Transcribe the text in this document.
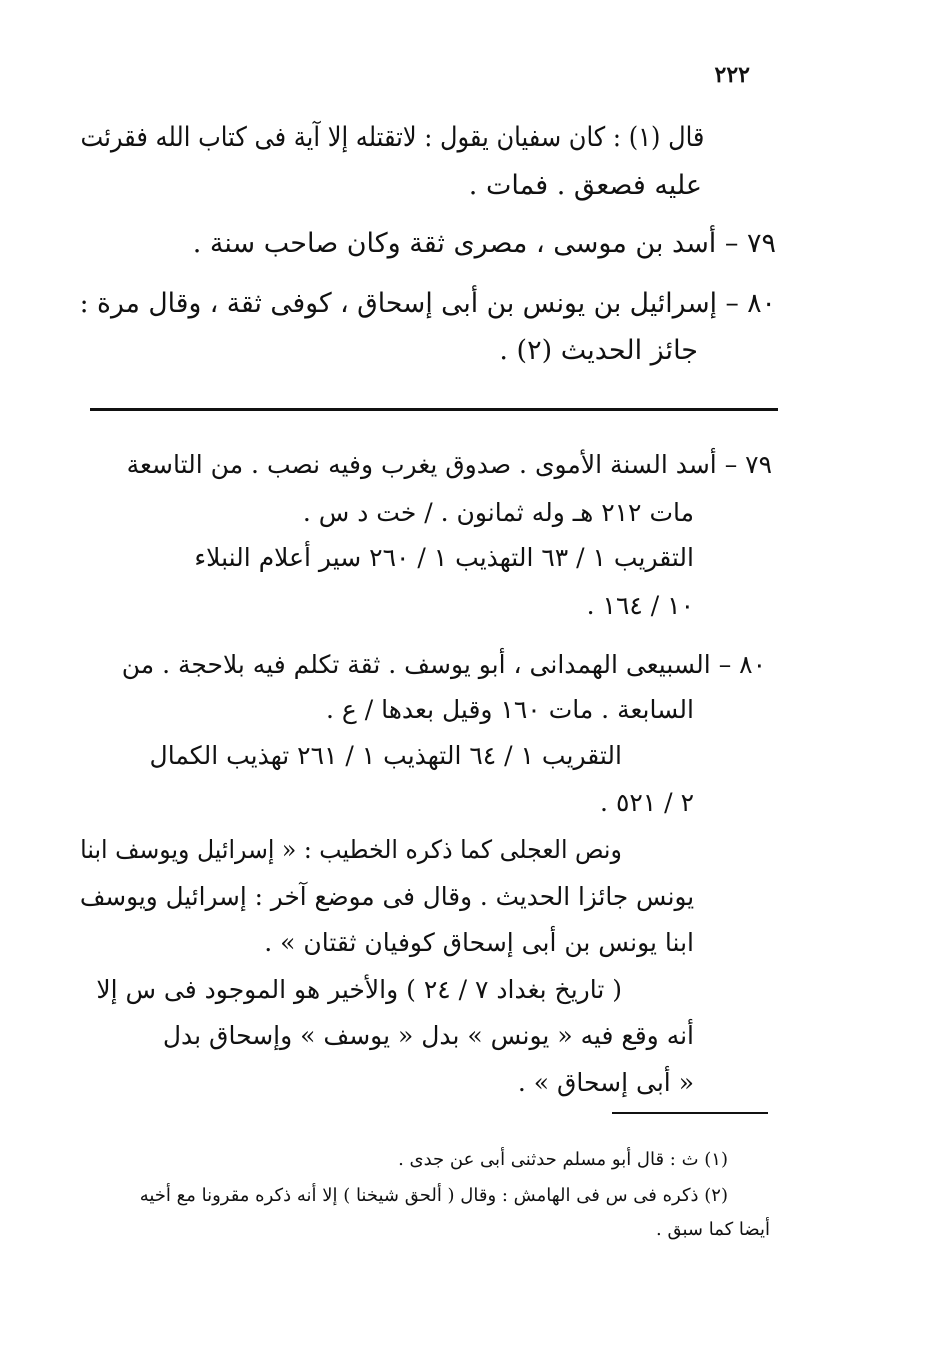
٢٢٢
قال (١) : كان سفيان يقول : لاتقتله إلا آية فى كتاب الله فقرئت
عليه فصعق . فمات .
٧٩ – أسد بن موسى ، مصرى ثقة وكان صاحب سنة .
٨٠ – إسرائيل بن يونس بن أبى إسحاق ، كوفى ثقة ، وقال مرة :
جائز الحديث (٢) .
٧٩ – أسد السنة الأموى . صدوق يغرب وفيه نصب . من التاسعة
مات ٢١٢ هـ وله ثمانون . / خت د س .
التقريب ١ / ٦٣ التهذيب ١ / ٢٦٠ سير أعلام النبلاء
١٠ / ١٦٤ .
٨٠ – السبيعى الهمدانى ، أبو يوسف . ثقة تكلم فيه بلاحجة . من
السابعة . مات ١٦٠ وقيل بعدها / ع .
التقريب ١ / ٦٤ التهذيب ١ / ٢٦١ تهذيب الكمال
٢ / ٥٢١ .
ونص العجلى كما ذكره الخطيب : « إسرائيل ويوسف ابنا
يونس جائزا الحديث . وقال فى موضع آخر : إسرائيل ويوسف
ابنا يونس بن أبى إسحاق كوفيان ثقتان » .
( تاريخ بغداد ٧ / ٢٤ ) والأخير هو الموجود فى س إلا
أنه وقع فيه « يونس » بدل « يوسف » وإسحاق بدل
« أبى إسحاق » .
(١) ث : قال أبو مسلم حدثنى أبى عن جدى .
(٢) ذكره فى س فى الهامش : وقال ( ألحق شيخنا ) إلا أنه ذكره مقرونا مع أخيه
أيضا كما سبق .
